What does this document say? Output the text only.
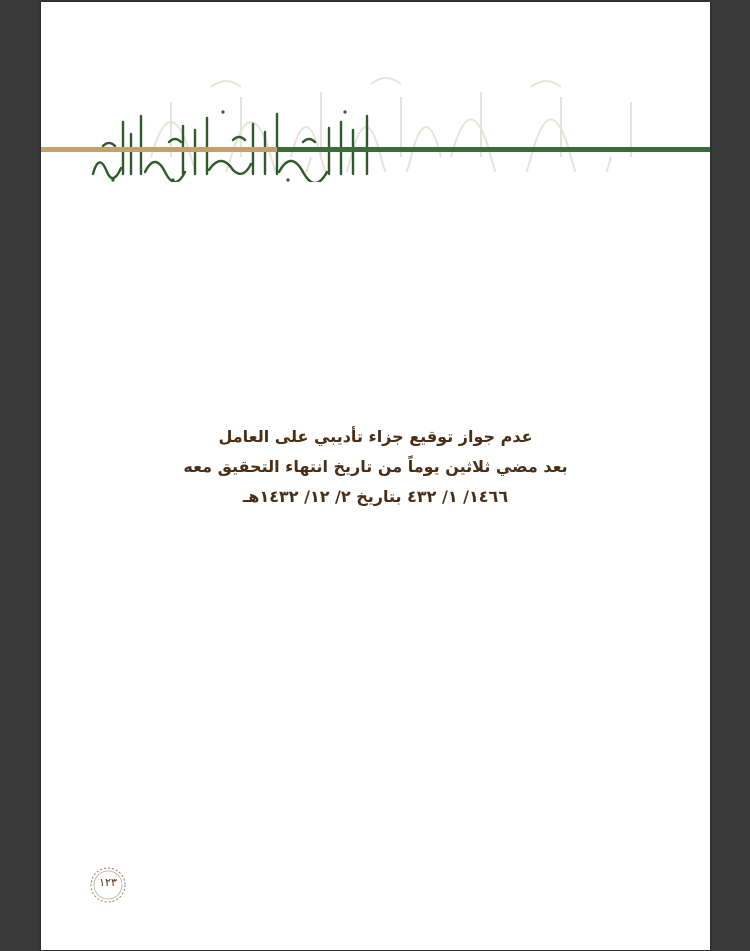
الهيئة العليا لتسوية الخلافات العمالية

عدم جواز توقيع جزاء تأديبي على العامل

بعد مضي ثلاثين يوماً من تاريخ انتهاء التحقيق معه

١٤٦٦/ ١/ ٤٣٢ بتاريخ ٢/ ١٢/ ١٤٣٢هـ

١٢٣
